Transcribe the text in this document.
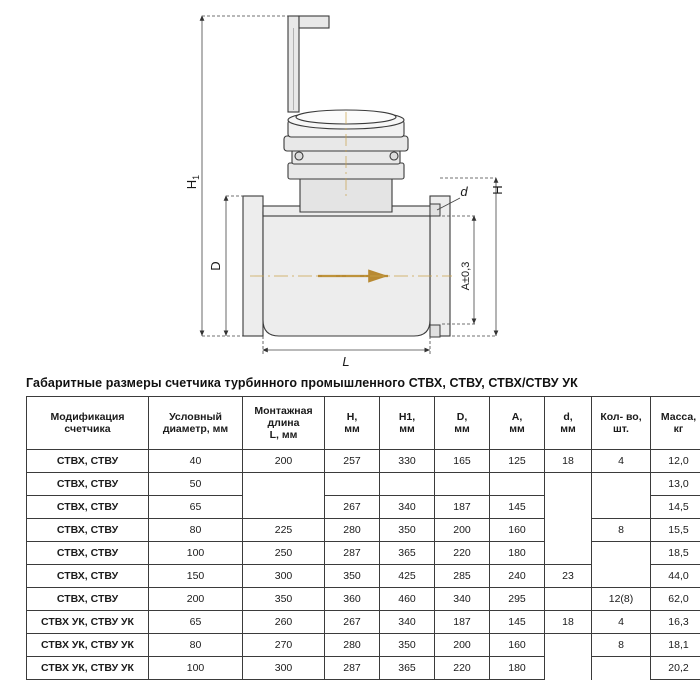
$H_1$
D
H
A±0,3
d
L
Габаритные размеры счетчика турбинного промышленного СТВХ, СТВУ, СТВХ/СТВУ УК
Модификация
счетчика	Условный
диаметр, мм	Монтажная
длина
L, мм	H,
мм	H1,
мм	D,
мм	A,
мм	d,
мм	Кол- во,
шт.	Масса,
кг
СТВХ, СТВУ	40	200	257	330	165	125	18	4	12,0
СТВХ, СТВУ	50								13,0
СТВХ, СТВУ	65		267	340	187	145			14,5
СТВХ, СТВУ	80	225	280	350	200	160		8	15,5
СТВХ, СТВУ	100	250	287	365	220	180			18,5
СТВХ, СТВУ	150	300	350	425	285	240	23		44,0
СТВХ, СТВУ	200	350	360	460	340	295		12(8)	62,0
СТВХ УК, СТВУ УК	65	260	267	340	187	145	18	4	16,3
СТВХ УК, СТВУ УК	80	270	280	350	200	160		8	18,1
СТВХ УК, СТВУ УК	100	300	287	365	220	180			20,2
